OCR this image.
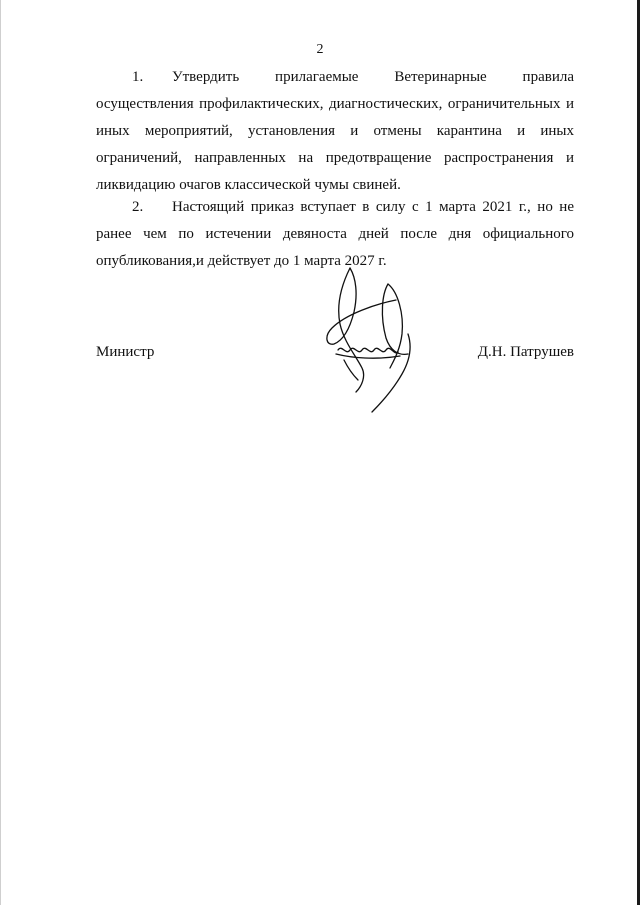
2
1. Утвердить прилагаемые Ветеринарные правила осуществления профилактических, диагностических, ограничительных и иных мероприятий, установления и отмены карантина и иных ограничений, направленных на предотвращение распространения и ликвидацию очагов классической чумы свиней.
2. Настоящий приказ вступает в силу с 1 марта 2021 г., но не ранее чем по истечении девяноста дней после дня официального опубликования,и действует до 1 марта 2027 г.
Министр	Д.Н. Патрушев
